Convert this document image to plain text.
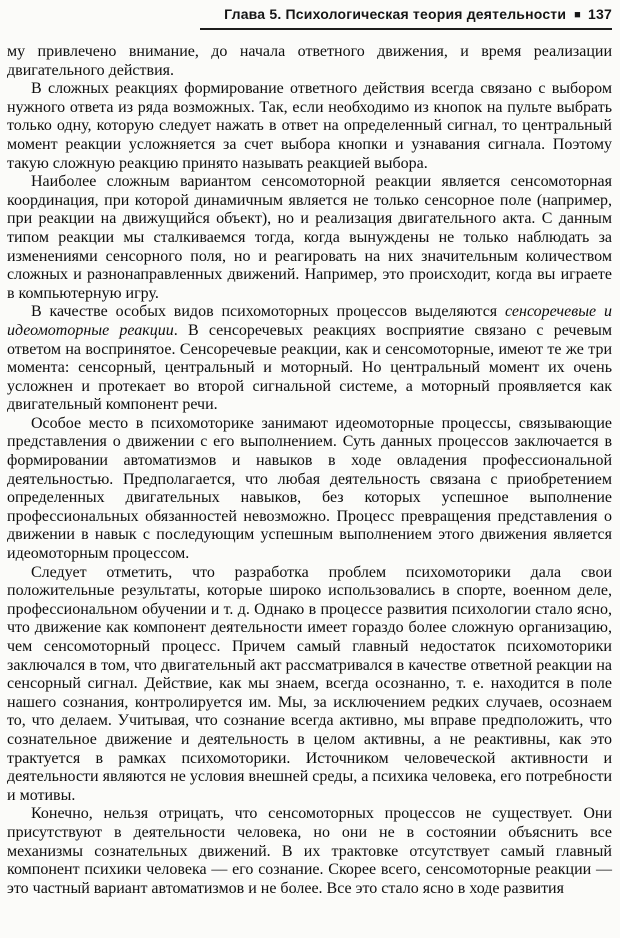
Глава 5. Психологическая теория деятельности ■ 137

му привлечено внимание, до начала ответного движения, и время реализации двигательного действия.

В сложных реакциях формирование ответного действия всегда связано с выбором нужного ответа из ряда возможных. Так, если необходимо из кнопок на пульте выбрать только одну, которую следует нажать в ответ на определенный сигнал, то центральный момент реакции усложняется за счет выбора кнопки и узнавания сигнала. Поэтому такую сложную реакцию принято называть реакцией выбора.

Наиболее сложным вариантом сенсомоторной реакции является сенсомоторная координация, при которой динамичным является не только сенсорное поле (например, при реакции на движущийся объект), но и реализация двигательного акта. С данным типом реакции мы сталкиваемся тогда, когда вынуждены не только наблюдать за изменениями сенсорного поля, но и реагировать на них значительным количеством сложных и разнонаправленных движений. Например, это происходит, когда вы играете в компьютерную игру.

В качестве особых видов психомоторных процессов выделяются сенсоречевые и идеомоторные реакции. В сенсоречевых реакциях восприятие связано с речевым ответом на воспринятое. Сенсоречевые реакции, как и сенсомоторные, имеют те же три момента: сенсорный, центральный и моторный. Но центральный момент их очень усложнен и протекает во второй сигнальной системе, а моторный проявляется как двигательный компонент речи.

Особое место в психомоторике занимают идеомоторные процессы, связывающие представления о движении с его выполнением. Суть данных процессов заключается в формировании автоматизмов и навыков в ходе овладения профессиональной деятельностью. Предполагается, что любая деятельность связана с приобретением определенных двигательных навыков, без которых успешное выполнение профессиональных обязанностей невозможно. Процесс превращения представления о движении в навык с последующим успешным выполнением этого движения является идеомоторным процессом.

Следует отметить, что разработка проблем психомоторики дала свои положительные результаты, которые широко использовались в спорте, военном деле, профессиональном обучении и т. д. Однако в процессе развития психологии стало ясно, что движение как компонент деятельности имеет гораздо более сложную организацию, чем сенсомоторный процесс. Причем самый главный недостаток психомоторики заключался в том, что двигательный акт рассматривался в качестве ответной реакции на сенсорный сигнал. Действие, как мы знаем, всегда осознанно, т. е. находится в поле нашего сознания, контролируется им. Мы, за исключением редких случаев, осознаем то, что делаем. Учитывая, что сознание всегда активно, мы вправе предположить, что сознательное движение и деятельность в целом активны, а не реактивны, как это трактуется в рамках психомоторики. Источником человеческой активности и деятельности являются не условия внешней среды, а психика человека, его потребности и мотивы.

Конечно, нельзя отрицать, что сенсомоторных процессов не существует. Они присутствуют в деятельности человека, но они не в состоянии объяснить все механизмы сознательных движений. В их трактовке отсутствует самый главный компонент психики человека — его сознание. Скорее всего, сенсомоторные реакции — это частный вариант автоматизмов и не более. Все это стало ясно в ходе развития
